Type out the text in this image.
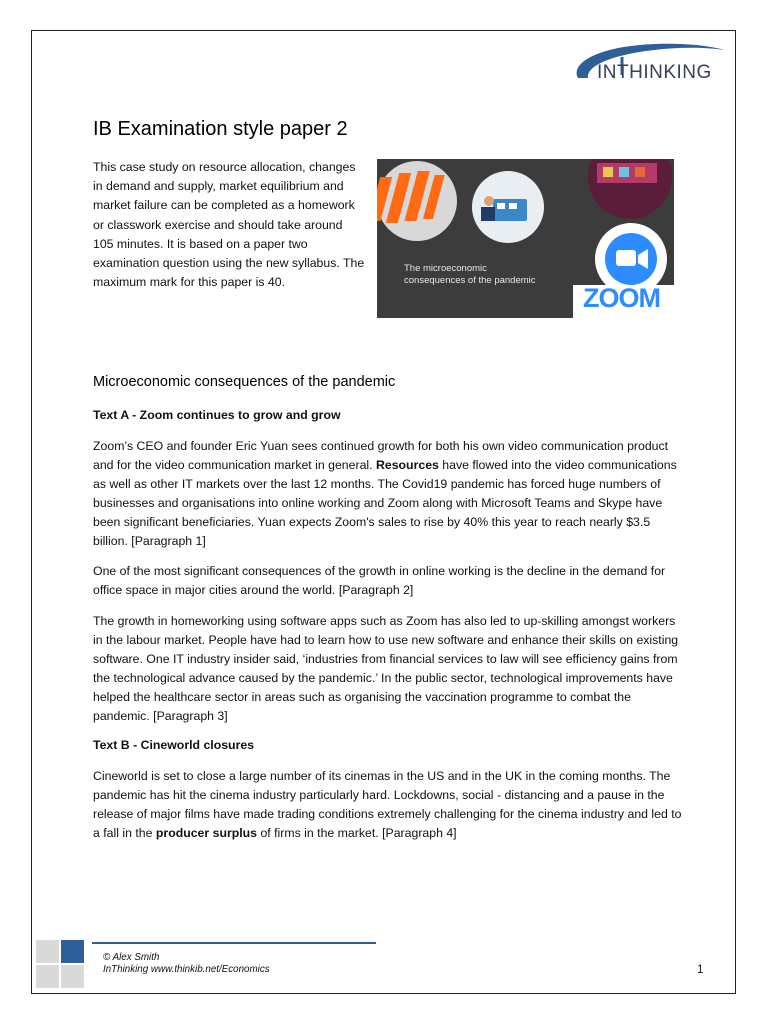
INTHINKING
IB Examination style paper 2

This case study on resource allocation, changes in demand and supply, market equilibrium and market failure can be completed as a homework or classwork exercise and should take around 105 minutes. It is based on a paper two examination question using the new syllabus. The maximum mark for this paper is 40.

The microeconomic
consequences of the pandemic
ZOOM
Microeconomic consequences of the pandemic
Text A - Zoom continues to grow and grow

Zoom’s CEO and founder Eric Yuan sees continued growth for both his own video communication product and for the video communication market in general. Resources have flowed into the video communications as well as other IT markets over the last 12 months. The Covid19 pandemic has forced huge numbers of businesses and organisations into online working and Zoom along with Microsoft Teams and Skype have been significant beneficiaries. Yuan expects Zoom's sales to rise by 40% this year to reach nearly $3.5 billion. [Paragraph 1]

One of the most significant consequences of the growth in online working is the decline in the demand for office space in major cities around the world. [Paragraph 2]

The growth in homeworking using software apps such as Zoom has also led to up-skilling amongst workers in the labour market. People have had to learn how to use new software and enhance their skills on existing software. One IT industry insider said, ‘industries from financial services to law will see efficiency gains from the technological advance caused by the pandemic.’ In the public sector, technological improvements have helped the healthcare sector in areas such as organising the vaccination programme to combat the pandemic. [Paragraph 3]

Text B - Cineworld closures

Cineworld is set to close a large number of its cinemas in the US and in the UK in the coming months. The pandemic has hit the cinema industry particularly hard. Lockdowns, social - distancing and a pause in the release of major films have made trading conditions extremely challenging for the cinema industry and led to a fall in the producer surplus of firms in the market. [Paragraph 4]

© Alex Smith
InThinking www.thinkib.net/Economics	1
